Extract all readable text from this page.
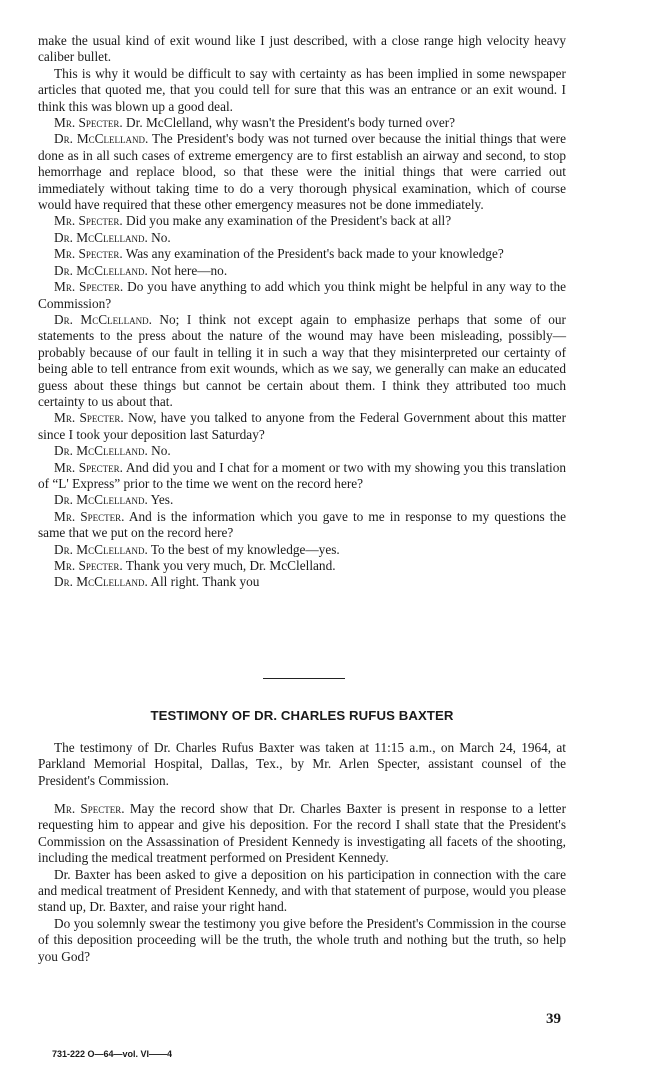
make the usual kind of exit wound like I just described, with a close range high velocity heavy caliber bullet.

This is why it would be difficult to say with certainty as has been implied in some newspaper articles that quoted me, that you could tell for sure that this was an entrance or an exit wound. I think this was blown up a good deal.

Mr. Specter. Dr. McClelland, why wasn't the President's body turned over?

Dr. McClelland. The President's body was not turned over because the initial things that were done as in all such cases of extreme emergency are to first establish an airway and second, to stop hemorrhage and replace blood, so that these were the initial things that were carried out immediately without taking time to do a very thorough physical examination, which of course would have required that these other emergency measures not be done immediately.

Mr. Specter. Did you make any examination of the President's back at all?

Dr. McClelland. No.

Mr. Specter. Was any examination of the President's back made to your knowledge?

Dr. McClelland. Not here—no.

Mr. Specter. Do you have anything to add which you think might be helpful in any way to the Commission?

Dr. McClelland. No; I think not except again to emphasize perhaps that some of our statements to the press about the nature of the wound may have been misleading, possibly—probably because of our fault in telling it in such a way that they misinterpreted our certainty of being able to tell entrance from exit wounds, which as we say, we generally can make an educated guess about these things but cannot be certain about them. I think they attributed too much certainty to us about that.

Mr. Specter. Now, have you talked to anyone from the Federal Government about this matter since I took your deposition last Saturday?

Dr. McClelland. No.

Mr. Specter. And did you and I chat for a moment or two with my showing you this translation of “L' Express” prior to the time we went on the record here?

Dr. McClelland. Yes.

Mr. Specter. And is the information which you gave to me in response to my questions the same that we put on the record here?

Dr. McClelland. To the best of my knowledge—yes.

Mr. Specter. Thank you very much, Dr. McClelland.

Dr. McClelland. All right. Thank you

TESTIMONY OF DR. CHARLES RUFUS BAXTER

The testimony of Dr. Charles Rufus Baxter was taken at 11:15 a.m., on March 24, 1964, at Parkland Memorial Hospital, Dallas, Tex., by Mr. Arlen Specter, assistant counsel of the President's Commission.

Mr. Specter. May the record show that Dr. Charles Baxter is present in response to a letter requesting him to appear and give his deposition. For the record I shall state that the President's Commission on the Assassination of President Kennedy is investigating all facets of the shooting, including the medical treatment performed on President Kennedy.

Dr. Baxter has been asked to give a deposition on his participation in connection with the care and medical treatment of President Kennedy, and with that statement of purpose, would you please stand up, Dr. Baxter, and raise your right hand.

Do you solemnly swear the testimony you give before the President's Commission in the course of this deposition proceeding will be the truth, the whole truth and nothing but the truth, so help you God?

39
731-222 O—64—vol. VI——4
